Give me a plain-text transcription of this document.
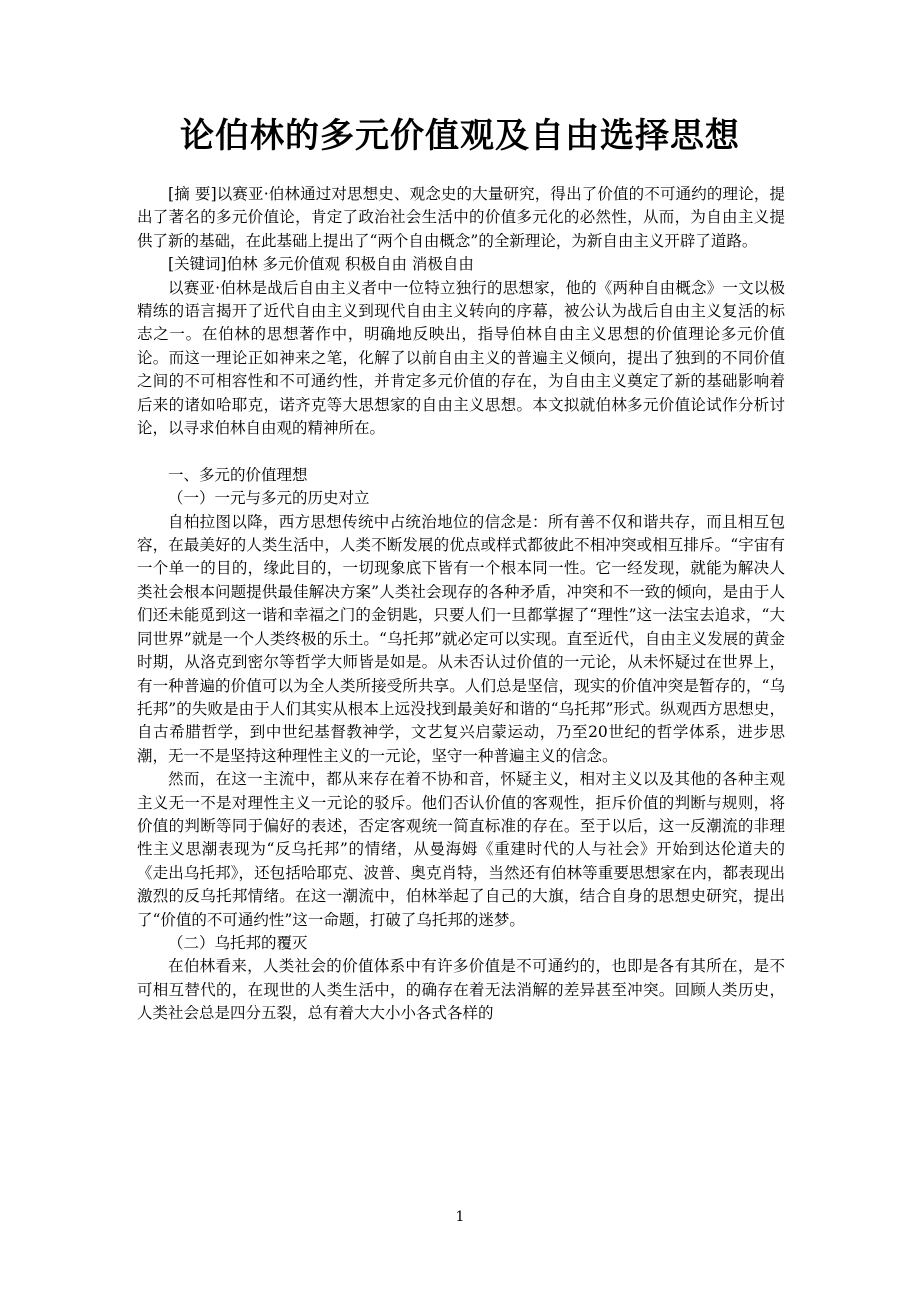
论伯林的多元价值观及自由选择思想

[摘 要]以赛亚·伯林通过对思想史、观念史的大量研究，得出了价值的不可通约的理论，提出了著名的多元价值论，肯定了政治社会生活中的价值多元化的必然性，从而，为自由主义提供了新的基础，在此基础上提出了“两个自由概念”的全新理论，为新自由主义开辟了道路。

[关键词]伯林 多元价值观 积极自由 消极自由

以赛亚·伯林是战后自由主义者中一位特立独行的思想家，他的《两种自由概念》一文以极精练的语言揭开了近代自由主义到现代自由主义转向的序幕，被公认为战后自由主义复活的标志之一。在伯林的思想著作中，明确地反映出，指导伯林自由主义思想的价值理论多元价值论。而这一理论正如神来之笔，化解了以前自由主义的普遍主义倾向，提出了独到的不同价值之间的不可相容性和不可通约性，并肯定多元价值的存在，为自由主义奠定了新的基础影响着后来的诸如哈耶克，诺齐克等大思想家的自由主义思想。本文拟就伯林多元价值论试作分析讨论，以寻求伯林自由观的精神所在。

一、多元的价值理想

（一）一元与多元的历史对立

自柏拉图以降，西方思想传统中占统治地位的信念是：所有善不仅和谐共存，而且相互包容，在最美好的人类生活中，人类不断发展的优点或样式都彼此不相冲突或相互排斥。“宇宙有一个单一的目的，缘此目的，一切现象底下皆有一个根本同一性。它一经发现，就能为解决人类社会根本问题提供最佳解决方案”人类社会现存的各种矛盾，冲突和不一致的倾向，是由于人们还未能觅到这一谐和幸福之门的金钥匙，只要人们一旦都掌握了“理性”这一法宝去追求，“大同世界”就是一个人类终极的乐土。“乌托邦”就必定可以实现。直至近代，自由主义发展的黄金时期，从洛克到密尔等哲学大师皆是如是。从未否认过价值的一元论，从未怀疑过在世界上，有一种普遍的价值可以为全人类所接受所共享。人们总是坚信，现实的价值冲突是暂存的，“乌托邦”的失败是由于人们其实从根本上远没找到最美好和谐的“乌托邦”形式。纵观西方思想史，自古希腊哲学，到中世纪基督教神学，文艺复兴启蒙运动，乃至20世纪的哲学体系，进步思潮，无一不是坚持这种理性主义的一元论，坚守一种普遍主义的信念。

然而，在这一主流中，都从来存在着不协和音，怀疑主义，相对主义以及其他的各种主观主义无一不是对理性主义一元论的驳斥。他们否认价值的客观性，拒斥价值的判断与规则，将价值的判断等同于偏好的表述，否定客观统一简直标准的存在。至于以后，这一反潮流的非理性主义思潮表现为“反乌托邦”的情绪，从曼海姆《重建时代的人与社会》开始到达伦道夫的《走出乌托邦》，还包括哈耶克、波普、奥克肖特，当然还有伯林等重要思想家在内，都表现出激烈的反乌托邦情绪。在这一潮流中，伯林举起了自己的大旗，结合自身的思想史研究，提出了“价值的不可通约性”这一命题，打破了乌托邦的迷梦。

（二）乌托邦的覆灭

在伯林看来，人类社会的价值体系中有许多价值是不可通约的，也即是各有其所在，是不可相互替代的，在现世的人类生活中，的确存在着无法消解的差异甚至冲突。回顾人类历史，人类社会总是四分五裂，总有着大大小小各式各样的

1
